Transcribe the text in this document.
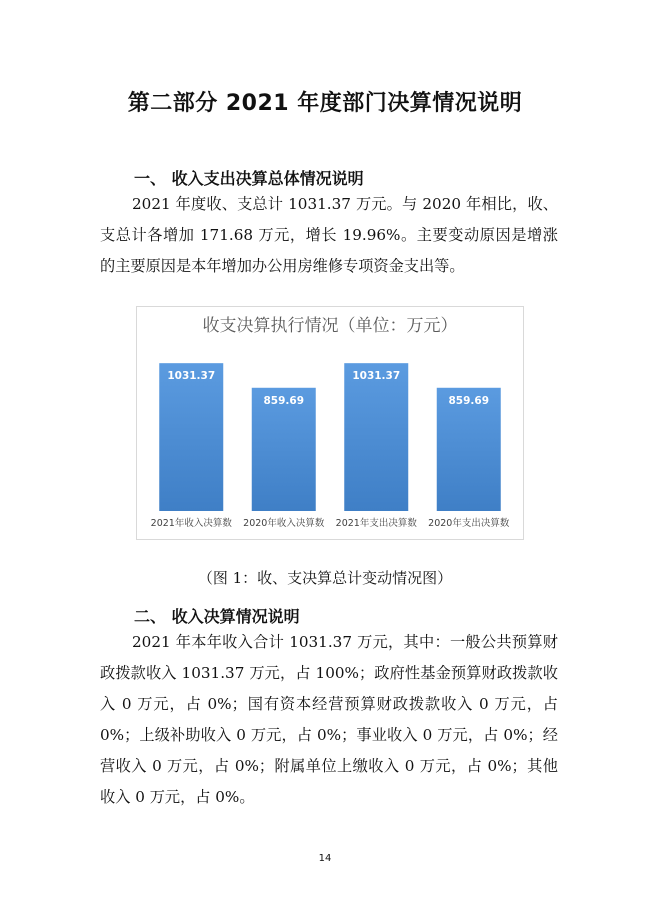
第二部分 2021 年度部门决算情况说明
一、 收入支出决算总体情况说明

2021 年度收、支总计 1031.37 万元。与 2020 年相比，收、支总计各增加 171.68 万元，增长 19.96%。主要变动原因是增涨的主要原因是本年增加办公用房维修专项资金支出等。

收支决算执行情况（单位：万元）
1031.37
2021年收入决算数
859.69
2020年收入决算数
1031.37
2021年支出决算数
859.69
2020年支出决算数
（图 1：收、支决算总计变动情况图）
二、 收入决算情况说明

2021 年本年收入合计 1031.37 万元，其中：一般公共预算财政拨款收入 1031.37 万元，占 100%；政府性基金预算财政拨款收入 0 万元，占 0%；国有资本经营预算财政拨款收入 0 万元，占 0%；上级补助收入 0 万元，占 0%；事业收入 0 万元，占 0%；经营收入 0 万元，占 0%；附属单位上缴收入 0 万元，占 0%；其他收入 0 万元，占 0%。

14
